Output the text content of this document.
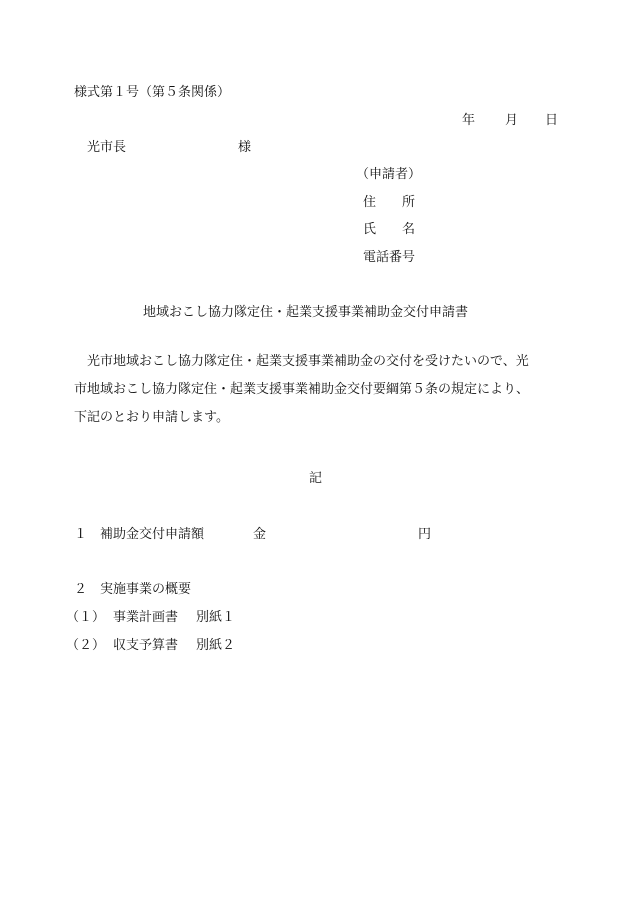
様式第１号（第５条関係）
年 月 日
光市長	様
（申請者）
住　　所
氏　　名
電話番号
地域おこし協力隊定住・起業支援事業補助金交付申請書
　光市地域おこし協力隊定住・起業支援事業補助金の交付を受けたいので、光
市地域おこし協力隊定住・起業支援事業補助金交付要綱第５条の規定により、
下記のとおり申請します。
記
１ 補助金交付申請額	金	円
２ 実施事業の概要
（１） 事業計画書 別紙１
（２） 収支予算書 別紙２
